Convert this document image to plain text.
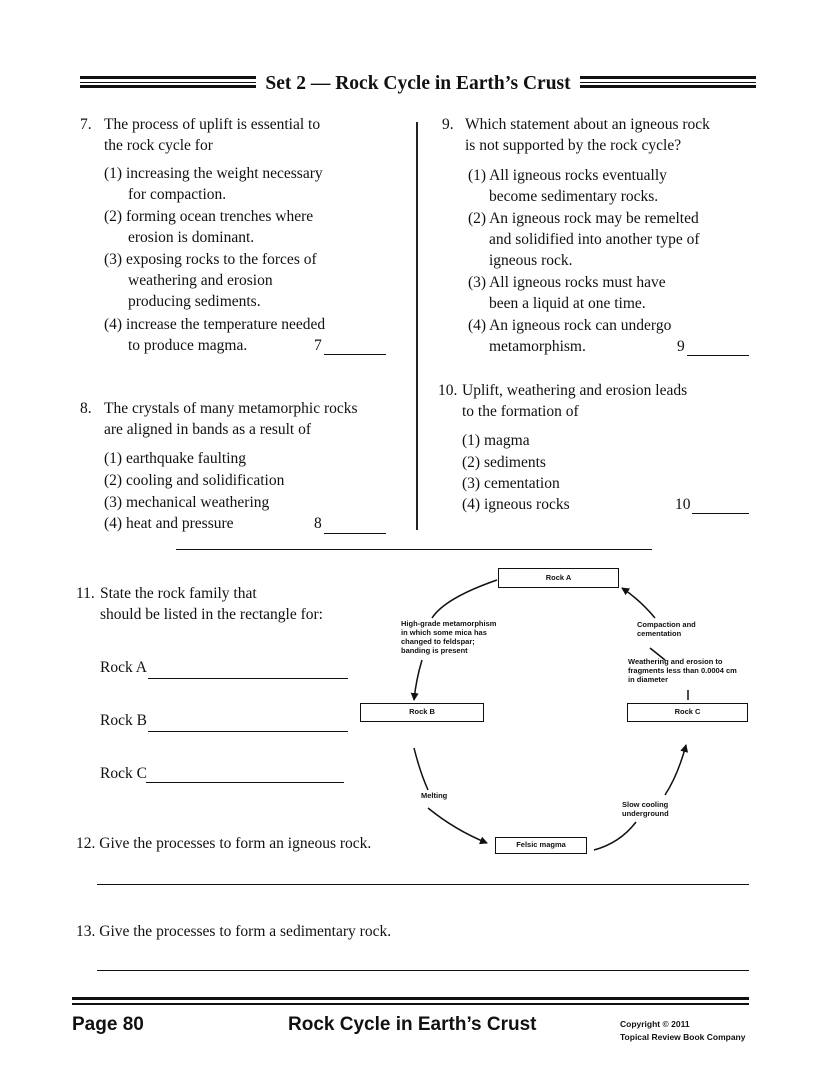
Set 2 — Rock Cycle in Earth’s Crust
7. The process of uplift is essential to
the rock cycle for
(1) increasing the weight necessary
for compaction.
(2) forming ocean trenches where
erosion is dominant.
(3) exposing rocks to the forces of
weathering and erosion
producing sediments.
(4) increase the temperature needed
to produce magma.	7
8. The crystals of many metamorphic rocks
are aligned in bands as a result of
(1) earthquake faulting
(2) cooling and solidification
(3) mechanical weathering
(4) heat and pressure	8
9. Which statement about an igneous rock
is not supported by the rock cycle?
(1) All igneous rocks eventually
become sedimentary rocks.
(2) An igneous rock may be remelted
and solidified into another type of
igneous rock.
(3) All igneous rocks must have
been a liquid at one time.
(4) An igneous rock can undergo
metamorphism.	9
10. Uplift, weathering and erosion leads
to the formation of
(1) magma
(2) sediments
(3) cementation
(4) igneous rocks	10
11. State the rock family that
should be listed in the rectangle for:
Rock A
Rock B
Rock C
Rock A
Rock B	Rock C
Felsic magma
High-grade metamorphism
in which some mica has
changed to feldspar;
banding is present
Compaction and
cementation
Weathering and erosion to
fragments less than 0.0004 cm
in diameter
Melting
Slow cooling
underground
12. Give the processes to form an igneous rock.
13. Give the processes to form a sedimentary rock.
Page 80	Rock Cycle in Earth’s Crust	Copyright © 2011
Topical Review Book Company
